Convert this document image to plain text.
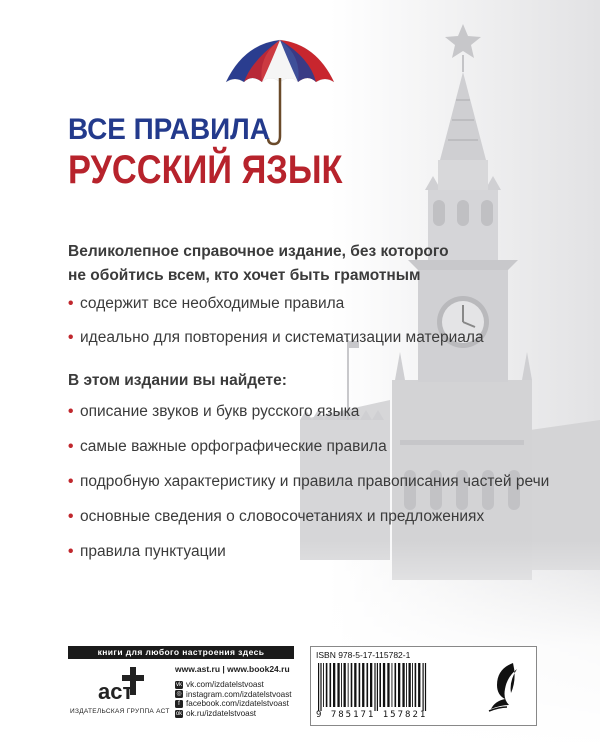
ВСЕ ПРАВИЛА
РУССКИЙ ЯЗЫК
Великолепное справочное издание, без которого
не обойтись всем, кто хочет быть грамотным
• содержит все необходимые правила
• идеально для повторения и систематизации материала
В этом издании вы найдете:
• описание звуков и букв русского языка
• самые важные орфографические правила
• подробную характеристику и правила правописания частей речи
• основные сведения о словосочетаниях и предложениях
• правила пунктуации
книги для любого настроения здесь
аст
ИЗДАТЕЛЬСКАЯ ГРУППА АСТ
www.ast.ru | www.book24.ru
vk vk.com/izdatelstvoast
◎ instagram.com/izdatelstvoast
f facebook.com/izdatelstvoast
ok ok.ru/izdatelstvoast
ISBN 978-5-17-115782-1
9 785171 157821
